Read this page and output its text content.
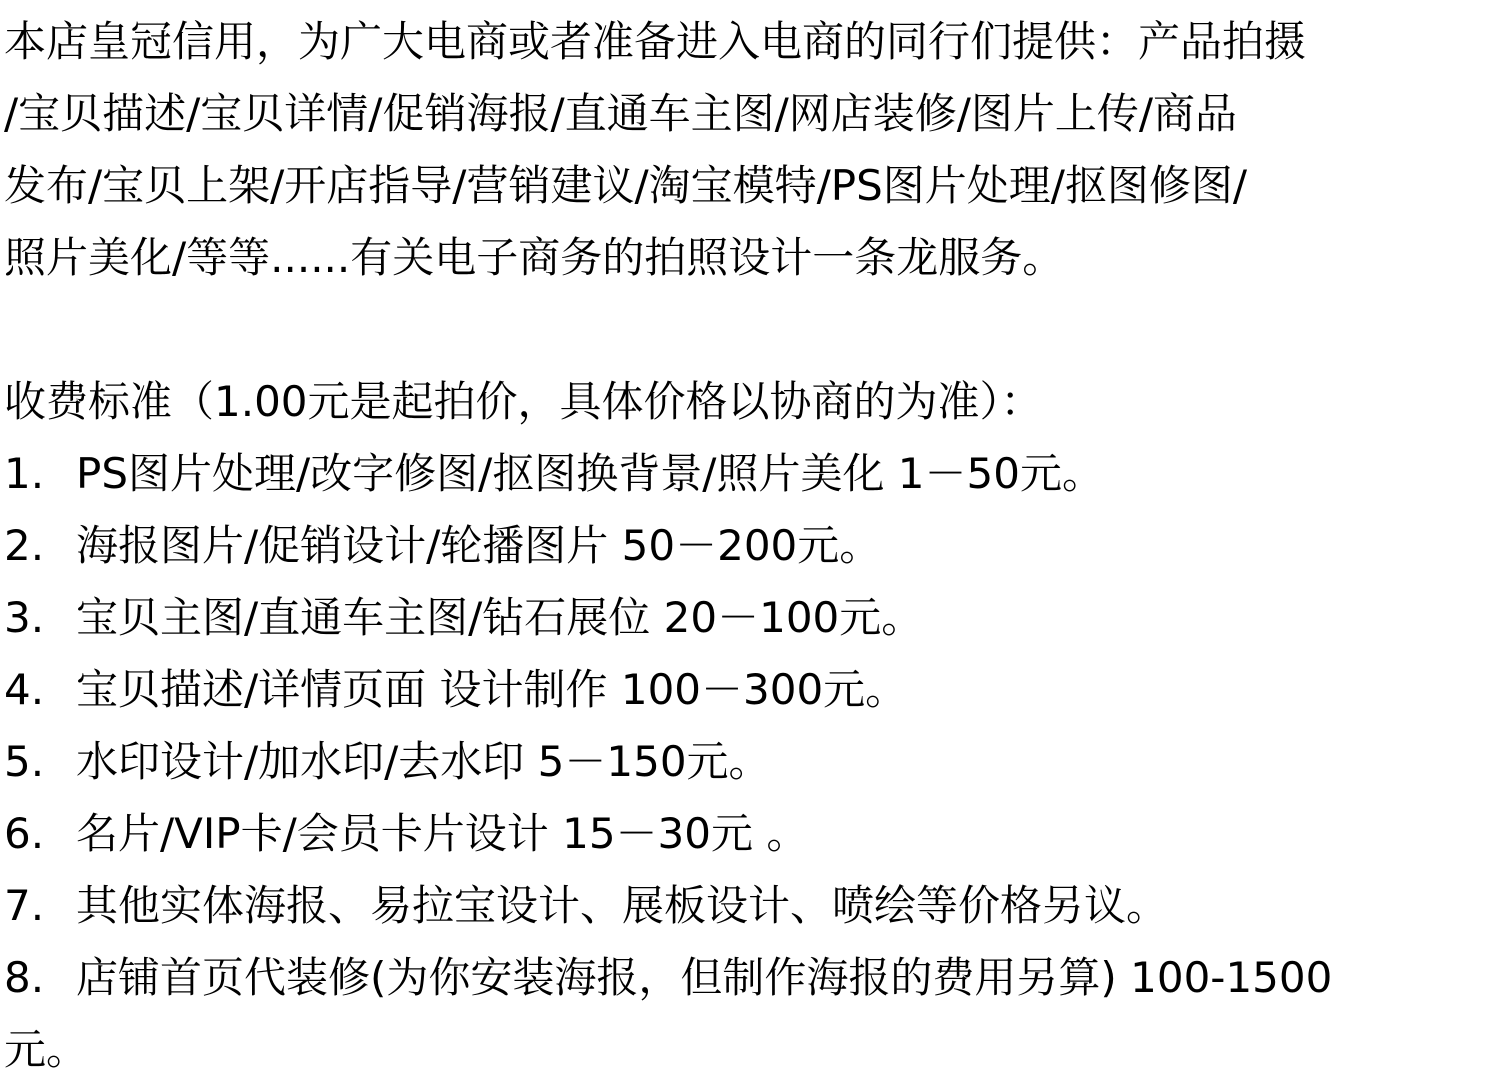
本店皇冠信用，为广大电商或者准备进入电商的同行们提供：产品拍摄
/宝贝描述/宝贝详情/促销海报/直通车主图/网店装修/图片上传/商品
发布/宝贝上架/开店指导/营销建议/淘宝模特/PS图片处理/抠图修图/
照片美化/等等......有关电子商务的拍照设计一条龙服务。
收费标准（1.00元是起拍价，具体价格以协商的为准）：
1. PS图片处理/改字修图/抠图换背景/照片美化 1－50元。
2. 海报图片/促销设计/轮播图片 50－200元。
3. 宝贝主图/直通车主图/钻石展位 20－100元。
4. 宝贝描述/详情页面 设计制作 100－300元。
5. 水印设计/加水印/去水印 5－150元。
6. 名片/VIP卡/会员卡片设计 15－30元 。
7. 其他实体海报、易拉宝设计、展板设计、喷绘等价格另议。
8. 店铺首页代装修(为你安装海报，但制作海报的费用另算) 100-1500
元。
